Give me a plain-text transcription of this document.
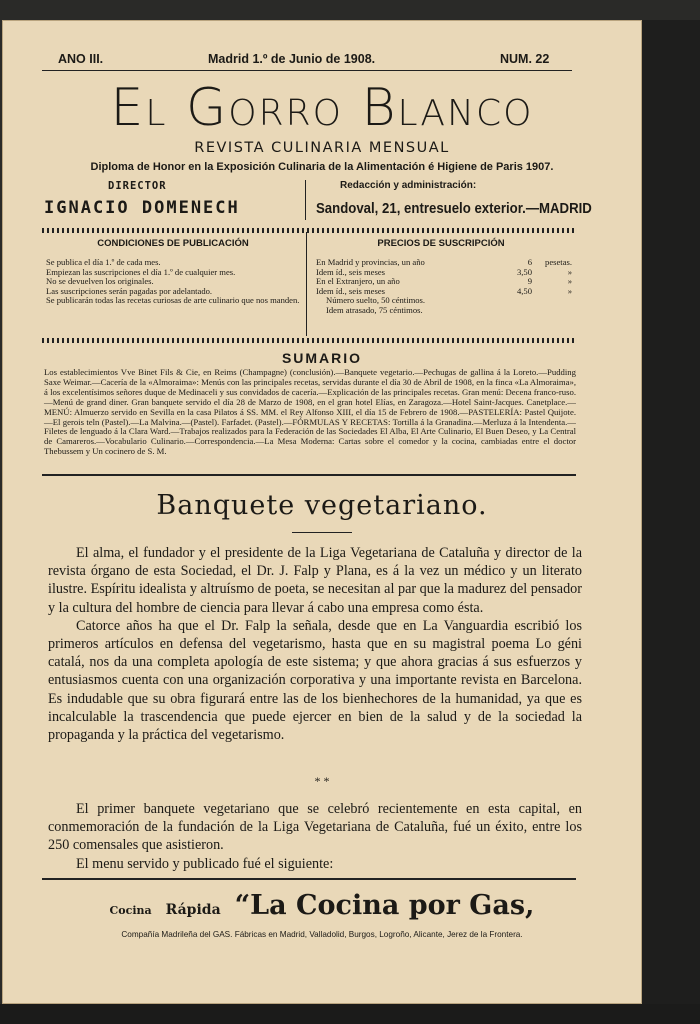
ANO III.	Madrid 1.º de Junio de 1908.	NUM. 22
El Gorro Blanco
REVISTA CULINARIA MENSUAL
Diploma de Honor en la Exposición Culinaria de la Alimentación é Higiene de Paris 1907.
DIRECTOR
IGNACIO DOMENECH
Redacción y administración:
Sandoval, 21, entresuelo exterior.—MADRID
CONDICIONES DE PUBLICACIÓN
Se publica el día 1.º de cada mes.
Empiezan las suscripciones el día 1.º de cualquier mes.
No se devuelven los originales.
Las suscripciones serán pagadas por adelantado.
Se publicarán todas las recetas curiosas de arte culinario que nos manden.
PRECIOS DE SUSCRIPCIÓN
En Madrid y provincias, un año	6 pesetas.
Idem íd., seis meses	3,50	»
En el Extranjero, un año	9	»
Idem íd., seis meses	4,50	»
Número suelto, 50 céntimos.
Idem atrasado, 75 céntimos.
SUMARIO
Los establecimientos Vve Binet Fils & Cie, en Reims (Champagne) (conclusión).—Banquete vegetario.—Pechugas de gallina á la Loreto.—Pudding Saxe Weimar.—Cacería de la «Almoraima»: Menús con las principales recetas, servidas durante el día 30 de Abril de 1908, en la finca «La Almoraima», á los excelentísimos señores duque de Medinaceli y sus convidados de cacería.—Explicación de las principales recetas. Gran menú: Decena franco-ruso.—Menú de grand diner. Gran banquete servido el día 28 de Marzo de 1908, en el gran hotel Elías, en Zaragoza.—Hotel Saint-Jacques. Canetplace.—MENÚ: Almuerzo servido en Sevilla en la casa Pilatos á SS. MM. el Rey Alfonso XIII, el día 15 de Febrero de 1908.—PASTELERÍA: Pastel Quijote.—El gerois teln (Pastel).—La Malvina.—(Pastel). Farfadet. (Pastel).—FÓRMULAS Y RECETAS: Tortilla á la Granadina.—Merluza á la Intendenta.—Filetes de lenguado á la Clara Ward.—Trabajos realizados para la Federación de las Sociedades El Alba, El Arte Culinario, El Buen Deseo, y La Central de Camareros.—Vocabulario Culinario.—Correspondencia.—La Mesa Moderna: Cartas sobre el comedor y la cocina, cambiadas entre el doctor Thebussem y Un cocinero de S. M.
Banquete vegetariano.

El alma, el fundador y el presidente de la Liga Vegetariana de Cataluña y director de la revista órgano de esta Sociedad, el Dr. J. Falp y Plana, es á la vez un médico y un literato ilustre. Espíritu idealista y altruísmo de poeta, se necesitan al par que la madurez del pensador y la cultura del hombre de ciencia para llevar á cabo una empresa como ésta.

Catorce años ha que el Dr. Falp la señala, desde que en La Vanguardia escribió los primeros artículos en defensa del vegetarismo, hasta que en su magistral poema Lo géni catalá, nos da una completa apología de este sistema; y que ahora gracias á sus esfuerzos y entusiasmos cuenta con una organización corporativa y una importante revista en Barcelona. Es indudable que su obra figurará entre las de los bienhechores de la humanidad, ya que es incalculable la trascendencia que puede ejercer en bien de la salud y de la sociedad la propaganda y la práctica del vegetarismo.

* *

El primer banquete vegetariano que se celebró recientemente en esta capital, en conmemoración de la fundación de la Liga Vegetariana de Cataluña, fué un éxito, entre los 250 comensales que asistieron.

El menu servido y publicado fué el siguiente:

Cocina Rápida “La Cocina por Gas,
Compañía Madrileña del GAS. Fábricas en Madrid, Valladolid, Burgos, Logroño, Alicante, Jerez de la Frontera.
